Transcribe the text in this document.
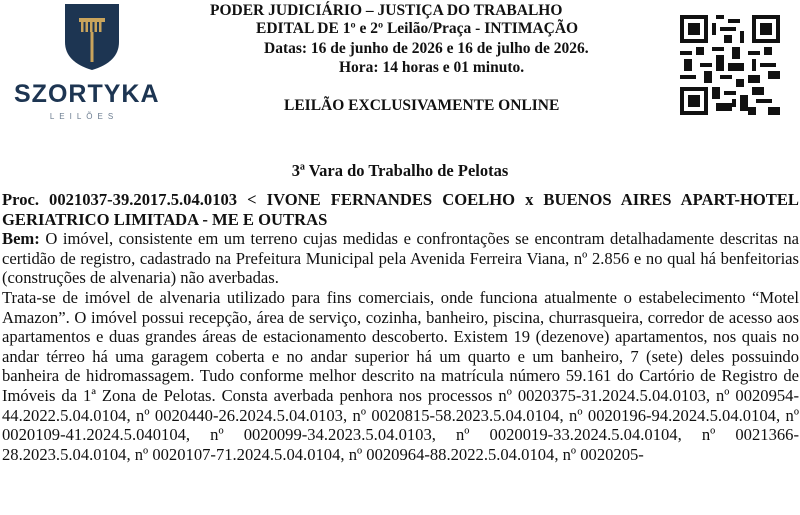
SZORTYKA
LEILÕES
PODER JUDICIÁRIO – JUSTIÇA DO TRABALHO
EDITAL DE 1º e 2º Leilão/Praça - INTIMAÇÃO
Datas: 16 de junho de 2026 e 16 de julho de 2026.
Hora: 14 horas e 01 minuto.
LEILÃO EXCLUSIVAMENTE ONLINE
3ª Vara do Trabalho de Pelotas

Proc. 0021037-39.2017.5.04.0103 < IVONE FERNANDES COELHO x BUENOS AIRES APART-HOTEL GERIATRICO LIMITADA - ME E OUTRAS

Bem: O imóvel, consistente em um terreno cujas medidas e confrontações se encontram detalhadamente descritas na certidão de registro, cadastrado na Prefeitura Municipal pela Avenida Ferreira Viana, nº 2.856 e no qual há benfeitorias (construções de alvenaria) não averbadas.

Trata-se de imóvel de alvenaria utilizado para fins comerciais, onde funciona atualmente o estabelecimento “Motel Amazon”. O imóvel possui recepção, área de serviço, cozinha, banheiro, piscina, churrasqueira, corredor de acesso aos apartamentos e duas grandes áreas de estacionamento descoberto. Existem 19 (dezenove) apartamentos, nos quais no andar térreo há uma garagem coberta e no andar superior há um quarto e um banheiro, 7 (sete) deles possuindo banheira de hidromassagem. Tudo conforme melhor descrito na matrícula número 59.161 do Cartório de Registro de Imóveis da 1ª Zona de Pelotas. Consta averbada penhora nos processos nº 0020375-31.2024.5.04.0103, nº 0020954-44.2022.5.04.0104, nº 0020440-26.2024.5.04.0103, nº 0020815-58.2023.5.04.0104, nº 0020196-94.2024.5.04.0104, nº 0020109-41.2024.5.040104, nº 0020099-34.2023.5.04.0103, nº 0020019-33.2024.5.04.0104, nº 0021366-28.2023.5.04.0104, nº 0020107-71.2024.5.04.0104, nº 0020964-88.2022.5.04.0104, nº 0020205-
